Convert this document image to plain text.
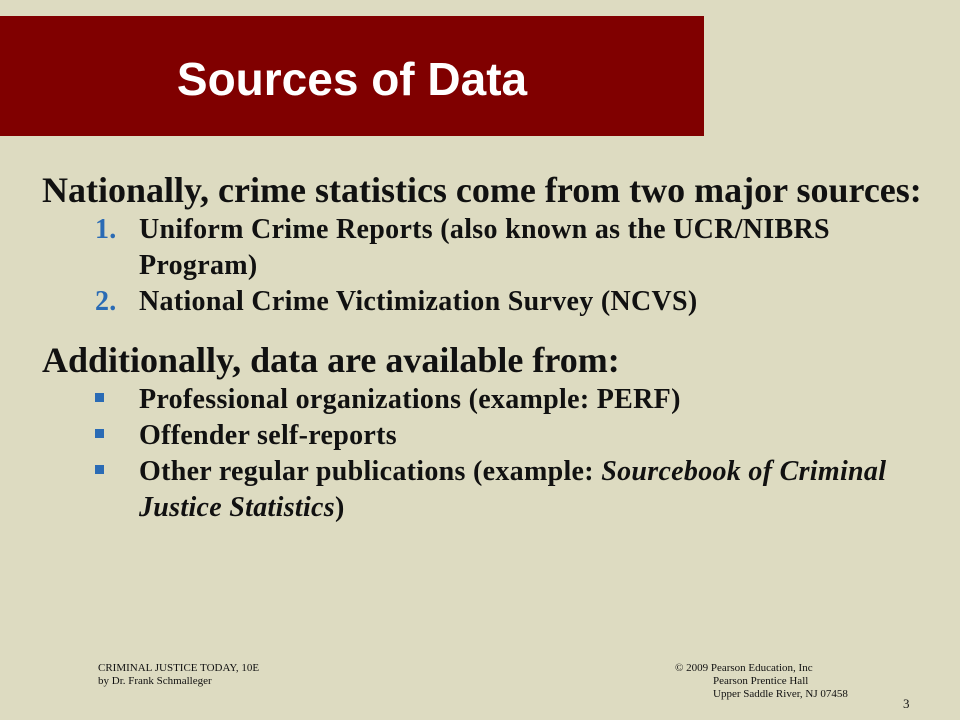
Sources of Data

Nationally, crime statistics come from two major sources:

1. Uniform Crime Reports (also known as the UCR/NIBRS Program)
2. National Crime Victimization Survey (NCVS)

Additionally, data are available from:

Professional organizations (example: PERF)
Offender self-reports
Other regular publications (example: Sourcebook of Criminal Justice Statistics)
CRIMINAL JUSTICE TODAY, 10E
by Dr. Frank Schmalleger
© 2009 Pearson Education, Inc
Pearson Prentice Hall
Upper Saddle River, NJ 07458
3
